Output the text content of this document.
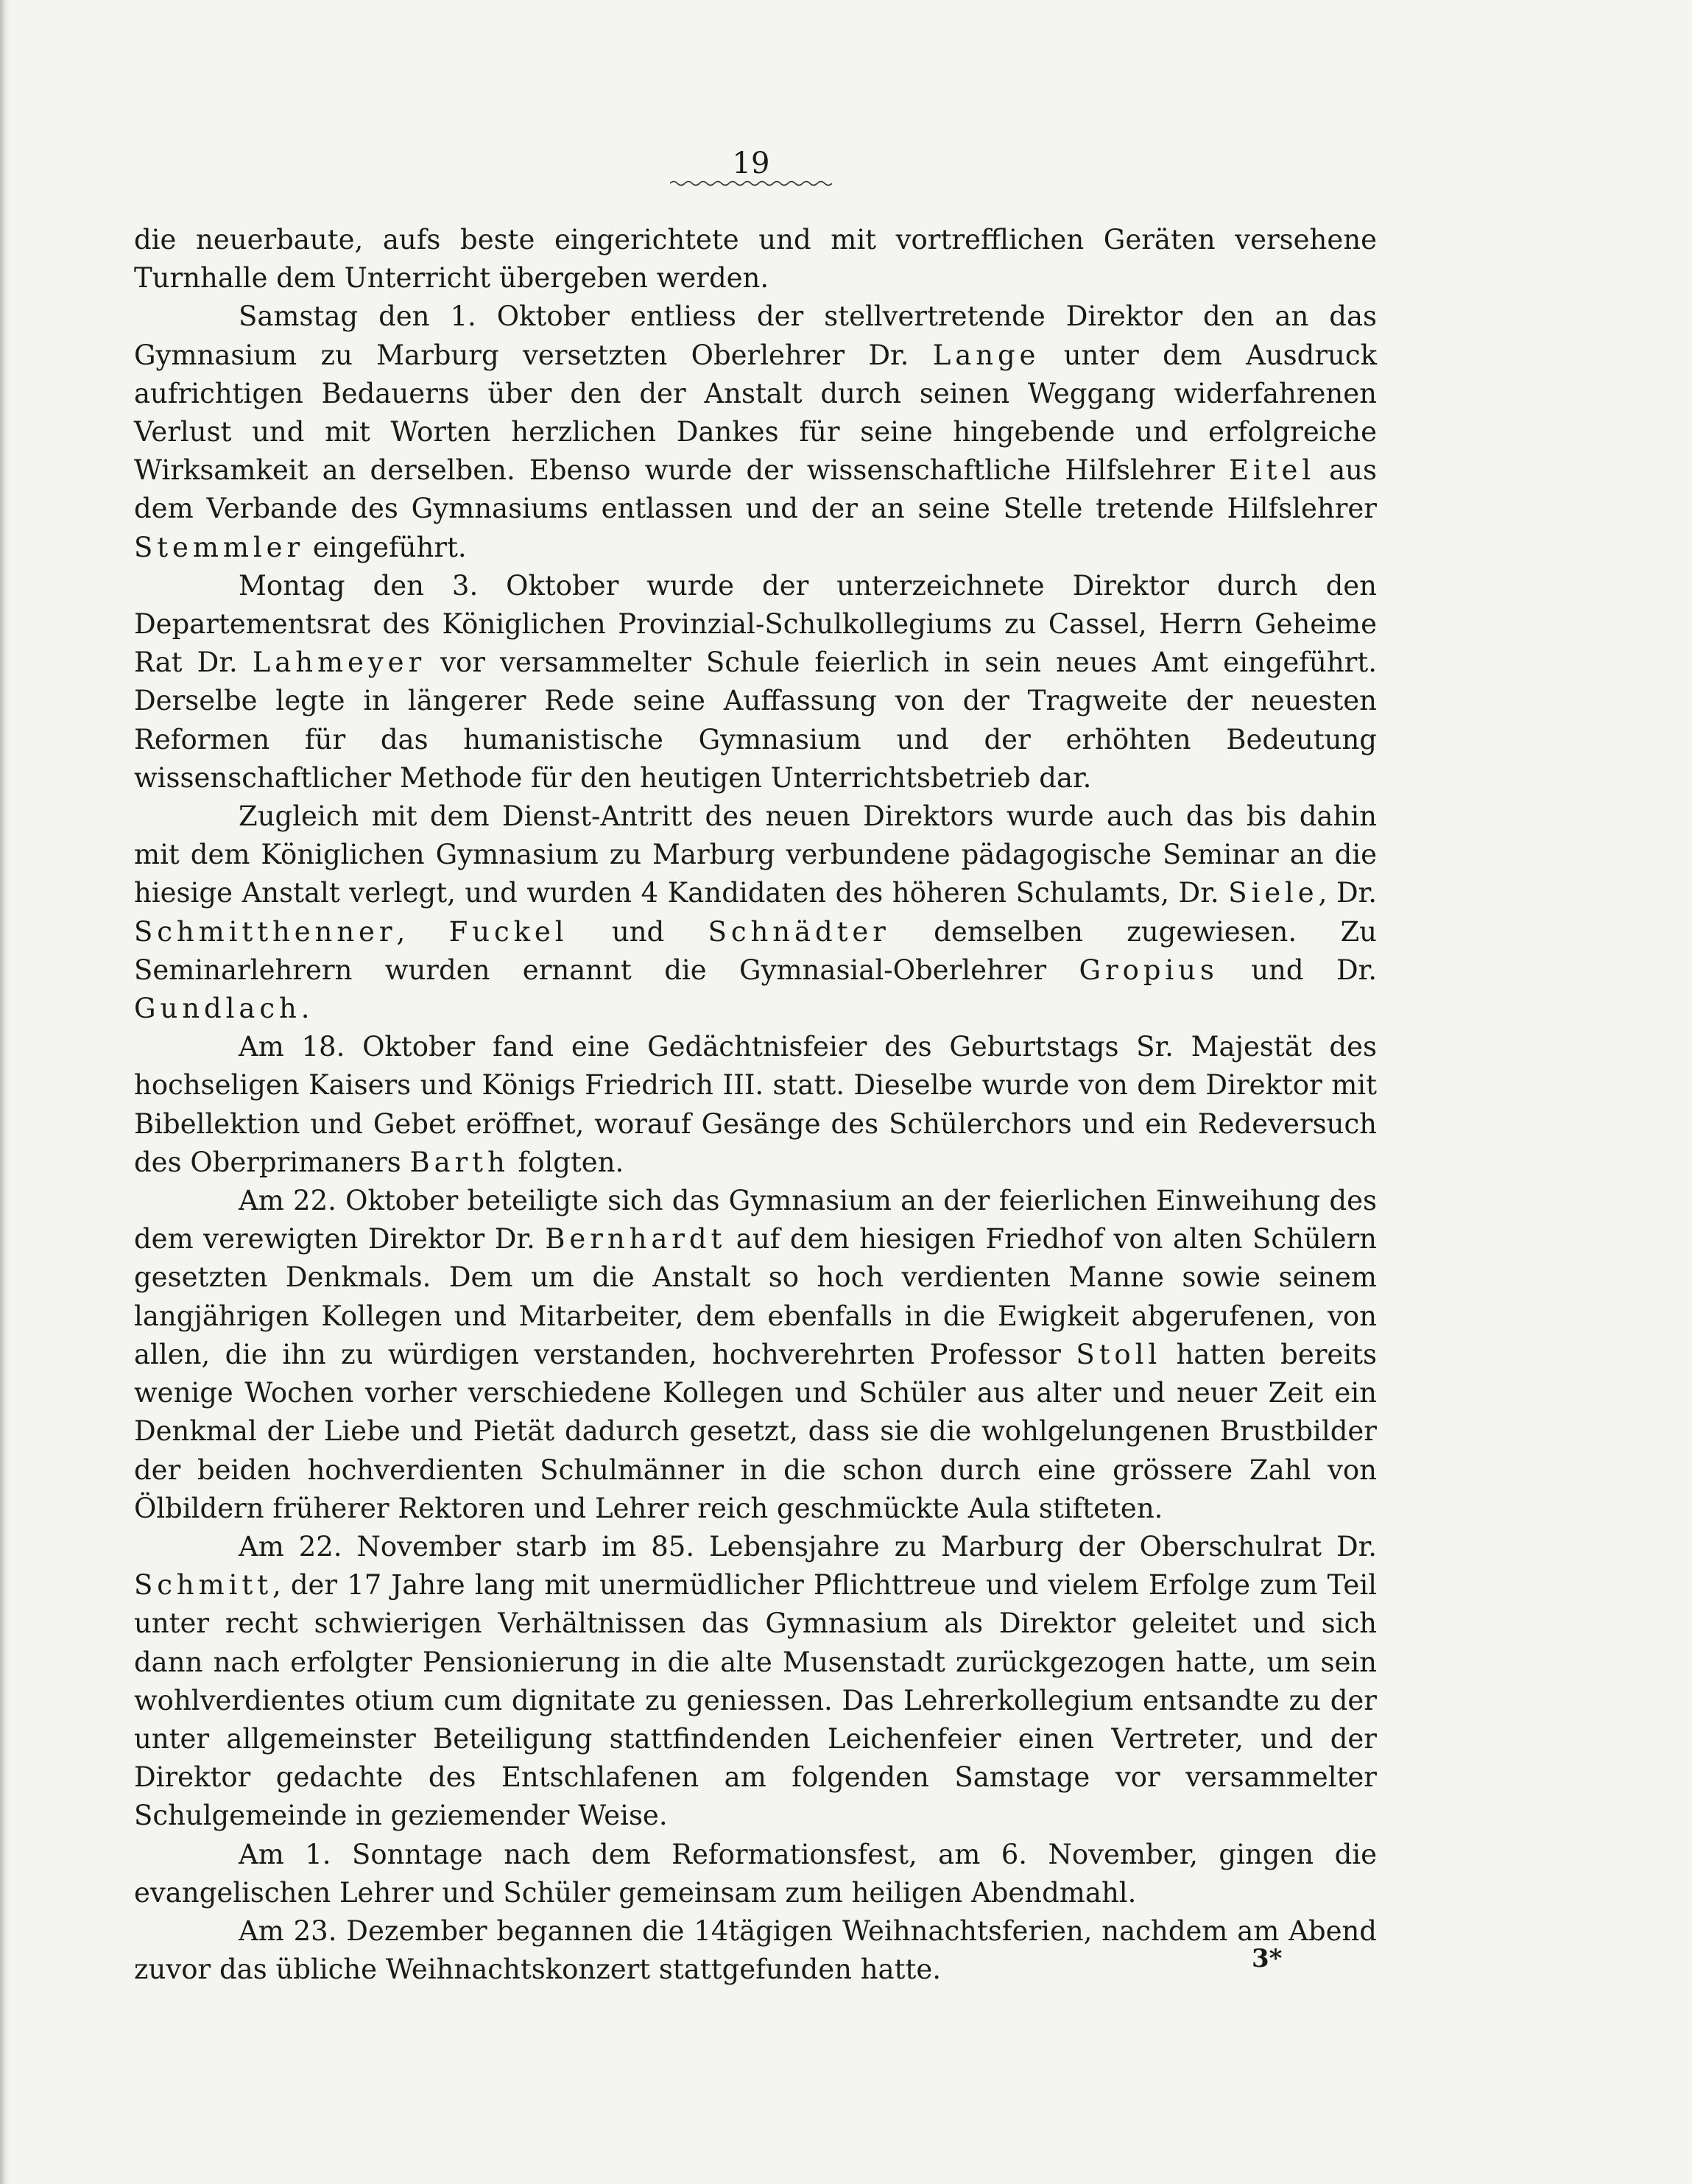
19

die neuerbaute, aufs beste eingerichtete und mit vortrefflichen Geräten versehene Turnhalle dem Unterricht übergeben werden.

Samstag den 1. Oktober entliess der stellvertretende Direktor den an das Gymnasium zu Marburg versetzten Oberlehrer Dr. Lange unter dem Ausdruck aufrichtigen Bedauerns über den der Anstalt durch seinen Weggang widerfahrenen Verlust und mit Worten herzlichen Dankes für seine hingebende und erfolgreiche Wirksamkeit an derselben. Ebenso wurde der wissenschaftliche Hilfslehrer Eitel aus dem Verbande des Gymnasiums entlassen und der an seine Stelle tretende Hilfslehrer Stemmler eingeführt.

Montag den 3. Oktober wurde der unterzeichnete Direktor durch den Departementsrat des Königlichen Provinzial-Schulkollegiums zu Cassel, Herrn Geheime Rat Dr. Lahmeyer vor versammelter Schule feierlich in sein neues Amt eingeführt. Derselbe legte in längerer Rede seine Auffassung von der Tragweite der neuesten Reformen für das humanistische Gymnasium und der erhöhten Bedeutung wissenschaftlicher Methode für den heutigen Unterrichtsbetrieb dar.

Zugleich mit dem Dienst-Antritt des neuen Direktors wurde auch das bis dahin mit dem Königlichen Gymnasium zu Marburg verbundene pädagogische Seminar an die hiesige Anstalt verlegt, und wurden 4 Kandidaten des höheren Schulamts, Dr. Siele, Dr. Schmitthenner, Fuckel und Schnädter demselben zugewiesen. Zu Seminarlehrern wurden ernannt die Gymnasial-Oberlehrer Gropius und Dr. Gundlach.

Am 18. Oktober fand eine Gedächtnisfeier des Geburtstags Sr. Majestät des hochseligen Kaisers und Königs Friedrich III. statt. Dieselbe wurde von dem Direktor mit Bibellektion und Gebet eröffnet, worauf Gesänge des Schülerchors und ein Redeversuch des Oberprimaners Barth folgten.

Am 22. Oktober beteiligte sich das Gymnasium an der feierlichen Einweihung des dem verewigten Direktor Dr. Bernhardt auf dem hiesigen Friedhof von alten Schülern gesetzten Denkmals. Dem um die Anstalt so hoch verdienten Manne sowie seinem langjährigen Kollegen und Mitarbeiter, dem ebenfalls in die Ewigkeit abgerufenen, von allen, die ihn zu würdigen verstanden, hochverehrten Professor Stoll hatten bereits wenige Wochen vorher verschiedene Kollegen und Schüler aus alter und neuer Zeit ein Denkmal der Liebe und Pietät dadurch gesetzt, dass sie die wohlgelungenen Brustbilder der beiden hochverdienten Schulmänner in die schon durch eine grössere Zahl von Ölbildern früherer Rektoren und Lehrer reich geschmückte Aula stifteten.

Am 22. November starb im 85. Lebensjahre zu Marburg der Oberschulrat Dr. Schmitt, der 17 Jahre lang mit unermüdlicher Pflichttreue und vielem Erfolge zum Teil unter recht schwierigen Verhältnissen das Gymnasium als Direktor geleitet und sich dann nach erfolgter Pensionierung in die alte Musenstadt zurückgezogen hatte, um sein wohlverdientes otium cum dignitate zu geniessen. Das Lehrerkollegium entsandte zu der unter allgemeinster Beteiligung stattfindenden Leichenfeier einen Vertreter, und der Direktor gedachte des Entschlafenen am folgenden Samstage vor versammelter Schulgemeinde in geziemender Weise.

Am 1. Sonntage nach dem Reformationsfest, am 6. November, gingen die evangelischen Lehrer und Schüler gemeinsam zum heiligen Abendmahl.

Am 23. Dezember begannen die 14tägigen Weihnachtsferien, nachdem am Abend zuvor das übliche Weihnachtskonzert stattgefunden hatte.	3*
